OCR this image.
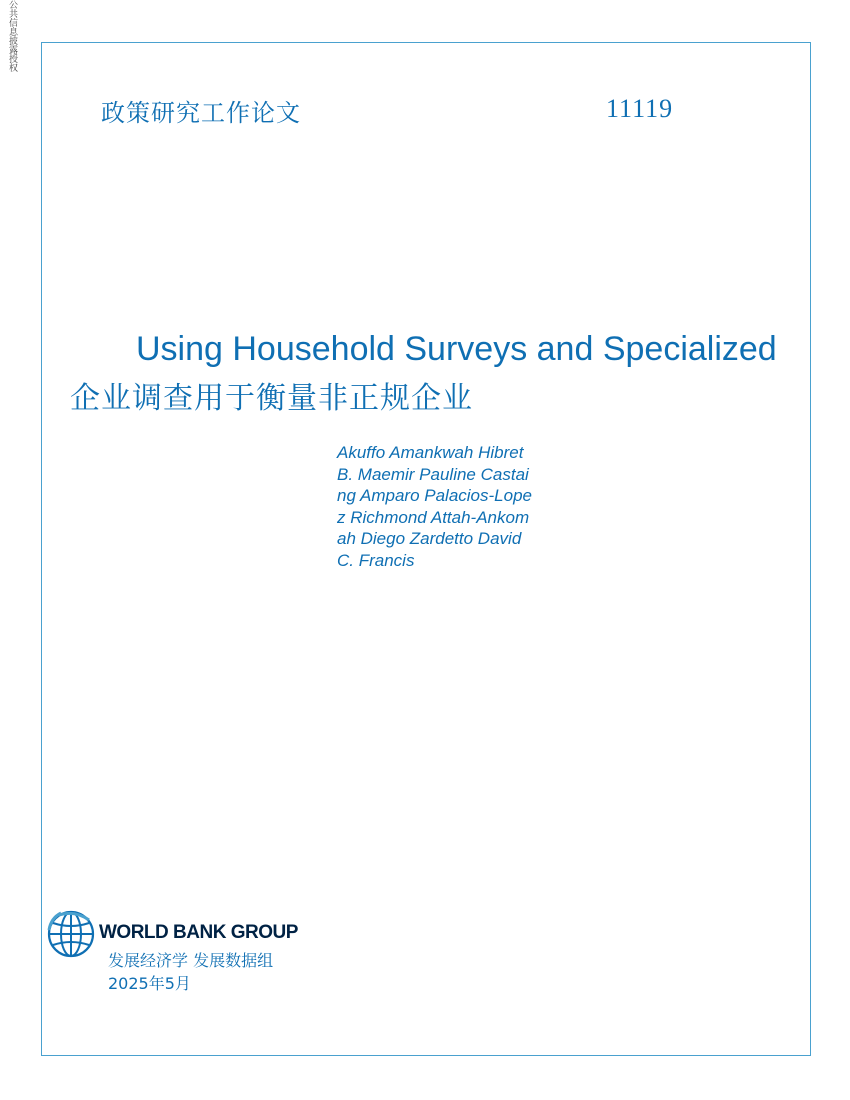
公共信息披露授权
政策研究工作论文	11119
Using Household Surveys and Specialized
企业调查用于衡量非正规企业
Akuffo Amankwah Hibret B. Maemir Pauline Castaing Amparo Palacios-Lopez Richmond Attah-Ankomah Diego Zardetto David C. Francis
WORLD BANK GROUP
发展经济学 发展数据组 2025年5月
